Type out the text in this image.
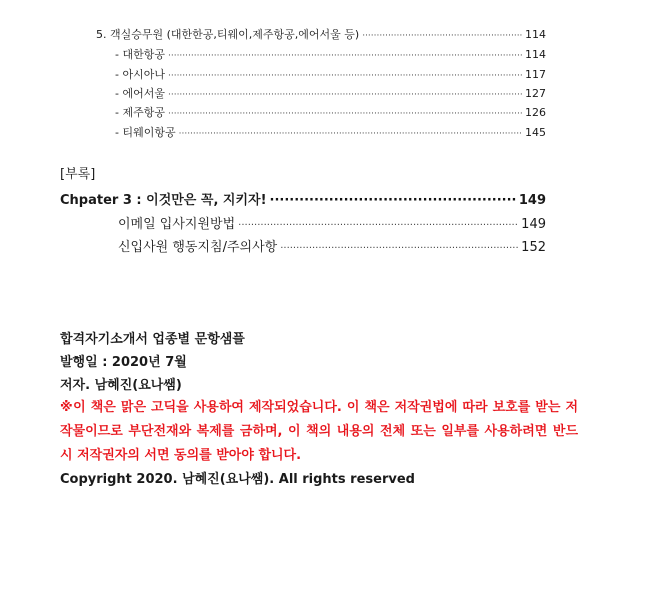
5. 객실승무원 (대한한공,티웨이,제주항공,에어서울 등) ·····	114
- 대한항공 ·····	114
- 아시아나 ·····	117
- 에어서울 ·····	127
- 제주항공 ·····	126
- 티웨이항공 ·····	145
[부록]
Chpater 3 : 이것만은 꼭, 지키자! ·····	149
이메일 입사지원방법 ·····	149
신입사원 행동지침/주의사항 ·····	152
합격자기소개서 업종별 문항샘플
발행일 : 2020년 7월
저자. 남혜진(요나쌤)
※이 책은 맑은 고딕을 사용하여 제작되었습니다. 이 책은 저작권법에 따라 보호를 받는 저작물이므로 부단전재와 복제를 금하며, 이 책의 내용의 전체 또는 일부를 사용하려면 반드시 저작권자의 서면 동의를 받아야 합니다.
Copyright 2020. 남혜진(요나쌤). All rights reserved
